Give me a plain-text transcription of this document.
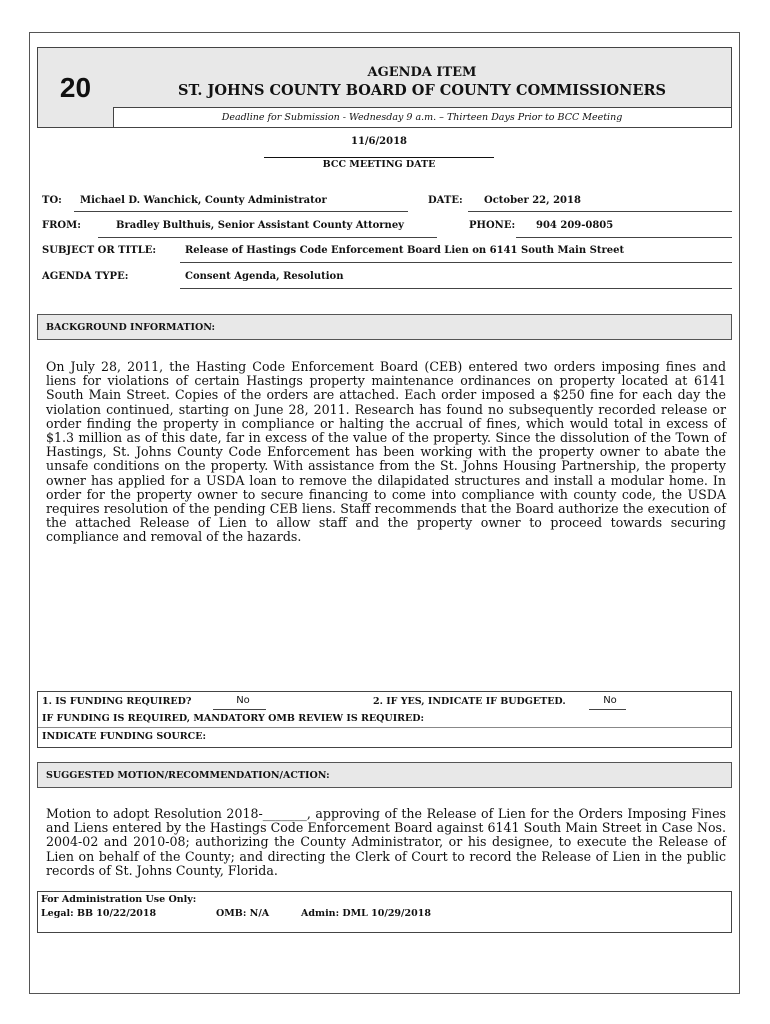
20	AGENDA ITEM
ST. JOHNS COUNTY BOARD OF COUNTY COMMISSIONERS
Deadline for Submission - Wednesday 9 a.m. – Thirteen Days Prior to BCC Meeting
11/6/2018
BCC MEETING DATE
TO: Michael D. Wanchick, County Administrator	DATE: October 22, 2018
FROM:	Bradley Bulthuis, Senior Assistant County Attorney	PHONE: 904 209-0805
SUBJECT OR TITLE:	Release of Hastings Code Enforcement Board Lien on 6141 South Main Street
AGENDA TYPE:	Consent Agenda, Resolution
BACKGROUND INFORMATION:
On July 28, 2011, the Hasting Code Enforcement Board (CEB) entered two orders imposing fines and liens for violations of certain Hastings property maintenance ordinances on property located at 6141 South Main Street. Copies of the orders are attached. Each order imposed a $250 fine for each day the violation continued, starting on June 28, 2011. Research has found no subsequently recorded release or order finding the property in compliance or halting the accrual of fines, which would total in excess of $1.3 million as of this date, far in excess of the value of the property. Since the dissolution of the Town of Hastings, St. Johns County Code Enforcement has been working with the property owner to abate the unsafe conditions on the property. With assistance from the St. Johns Housing Partnership, the property owner has applied for a USDA loan to remove the dilapidated structures and install a modular home. In order for the property owner to secure financing to come into compliance with county code, the USDA requires resolution of the pending CEB liens. Staff recommends that the Board authorize the execution of the attached Release of Lien to allow staff and the property owner to proceed towards securing compliance and removal of the hazards.
1. IS FUNDING REQUIRED?	No	2. IF YES, INDICATE IF BUDGETED.	No
IF FUNDING IS REQUIRED, MANDATORY OMB REVIEW IS REQUIRED:
INDICATE FUNDING SOURCE:
SUGGESTED MOTION/RECOMMENDATION/ACTION:
Motion to adopt Resolution 2018-_______, approving of the Release of Lien for the Orders Imposing Fines and Liens entered by the Hastings Code Enforcement Board against 6141 South Main Street in Case Nos. 2004-02 and 2010-08; authorizing the County Administrator, or his designee, to execute the Release of Lien on behalf of the County; and directing the Clerk of Court to record the Release of Lien in the public records of St. Johns County, Florida.
For Administration Use Only:
Legal: BB 10/22/2018	OMB: N/A	Admin: DML 10/29/2018
